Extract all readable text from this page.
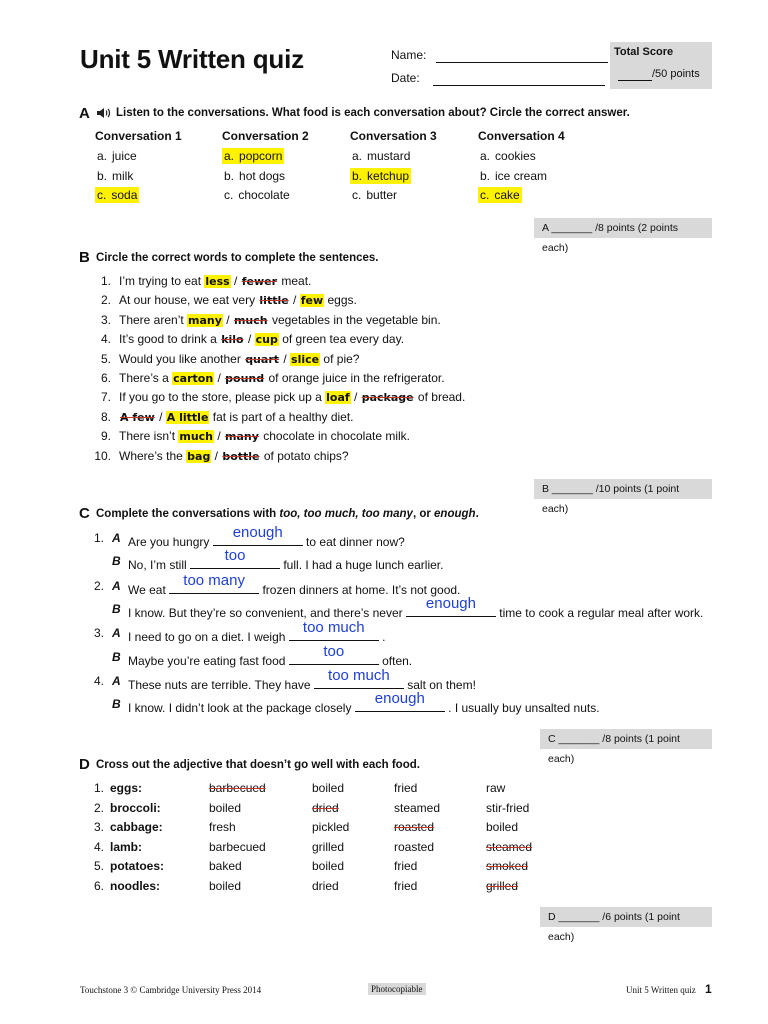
Unit 5 Written quiz	Name:
Date:
Total Score
/50 points
A Listen to the conversations. What food is each conversation about? Circle the correct answer.
Conversation 1
a. juice
b. milk
c. soda
Conversation 2
a. popcorn
b. hot dogs
c. chocolate
Conversation 3
a. mustard
b. ketchup
c. butter
Conversation 4
a. cookies
b. ice cream
c. cake
A _______ /8 points (2 points each)
B Circle the correct words to complete the sentences.
1. I’m trying to eat less / fewer meat.
2. At our house, we eat very little / few eggs.
3. There aren’t many / much vegetables in the vegetable bin.
4. It’s good to drink a kilo / cup of green tea every day.
5. Would you like another quart / slice of pie?
6. There’s a carton / pound of orange juice in the refrigerator.
7. If you go to the store, please pick up a loaf / package of bread.
8. A few / A little fat is part of a healthy diet.
9. There isn’t much / many chocolate in chocolate milk.
10. Where’s the bag / bottle of potato chips?
B _______ /10 points (1 point each)
C Complete the conversations with too, too much, too many, or enough.
1. A Are you hungry
enough
to eat dinner now?
B No, I’m still
too
full. I had a huge lunch earlier.
2. A We eat
too many
frozen dinners at home. It’s not good.
B I know. But they’re so convenient, and there’s never
enough
time to cook a regular meal after work.
3. A I need to go on a diet. I weigh
too much
.
B Maybe you’re eating fast food
too
often.
4. A These nuts are terrible. They have
too much
salt on them!
B I know. I didn’t look at the package closely
enough
. I usually buy unsalted nuts.
C _______ /8 points (1 point each)
D Cross out the adjective that doesn’t go well with each food.
1. eggs:	barbecued	boiled	fried	raw
2. broccoli:	boiled	dried	steamed	stir-fried
3. cabbage:	fresh	pickled	roasted	boiled
4. lamb:	barbecued	grilled	roasted	steamed
5. potatoes:	baked	boiled	fried	smoked
6. noodles:	boiled	dried	fried	grilled
D _______ /6 points (1 point each)
Touchstone 3 © Cambridge University Press 2014	Photocopiable	Unit 5 Written quiz 1
